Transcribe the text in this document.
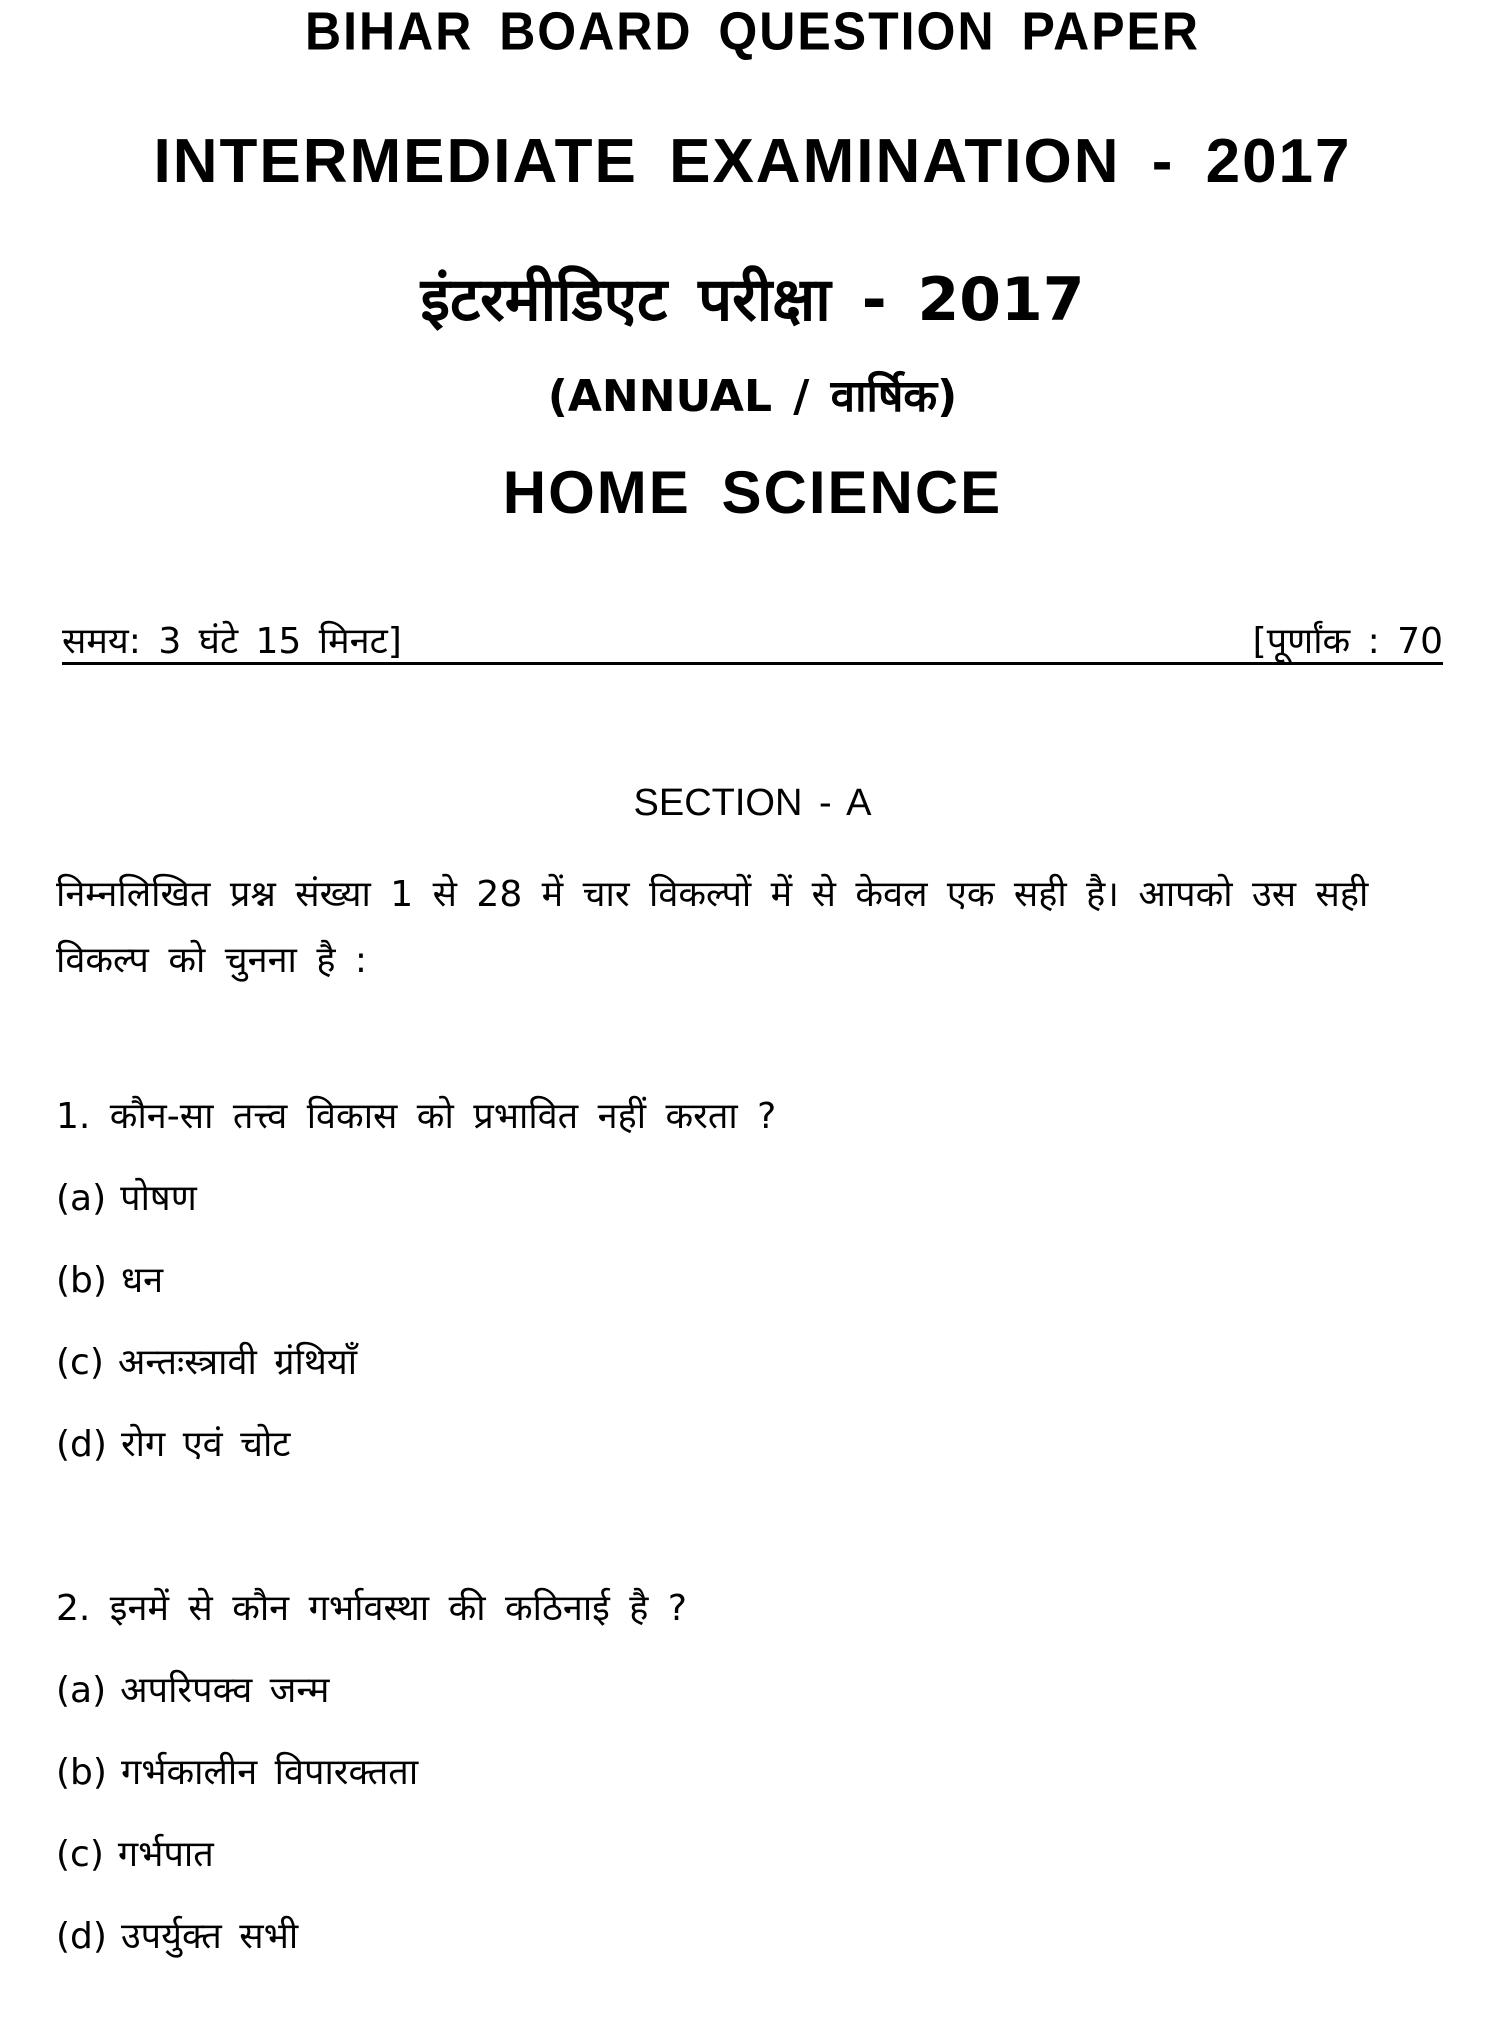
BIHAR BOARD QUESTION PAPER
INTERMEDIATE EXAMINATION - 2017
इंटरमीडिएट परीक्षा - 2017
(ANNUAL / वार्षिक)
HOME SCIENCE
समय: 3 घंटे 15 मिनट]	[पूर्णांक : 70
SECTION - A
निम्नलिखित प्रश्न संख्या 1 से 28 में चार विकल्पों में से केवल एक सही है। आपको उस सही विकल्प को चुनना है :
1. कौन-सा तत्त्व विकास को प्रभावित नहीं करता ?
(a) पोषण
(b) धन
(c) अन्तःस्त्रावी ग्रंथियाँ
(d) रोग एवं चोट
2. इनमें से कौन गर्भावस्था की कठिनाई है ?
(a) अपरिपक्व जन्म
(b) गर्भकालीन विपारक्तता
(c) गर्भपात
(d) उपर्युक्त सभी
